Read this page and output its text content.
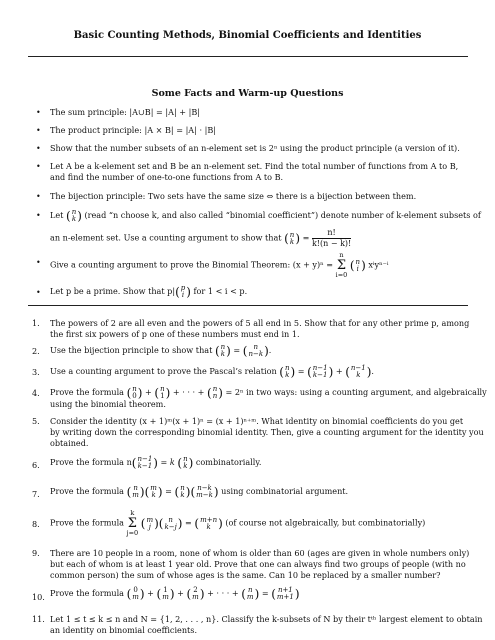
Basic Counting Methods, Binomial Coefficients and Identities
Some Facts and Warm-up Questions
• The sum principle: |A∪B| = |A| + |B|
• The product principle: |A × B| = |A| · |B|
• Show that the number subsets of an n-element set is 2ⁿ using the product principle (a version of it).
• Let A be a k-element set and B be an n-element set. Find the total number of functions from A to B,
and find the number of one-to-one functions from A to B.
• The bijection principle: Two sets have the same size ⇔ there is a bijection between them.
• Let ( n
k ) (read “n choose k, and also called “binomial coefficient”) denote number of k-element subsets of
an n-element set. Use a counting argument to show that ( n
k ) = $\frac{n!}{k!(n - k)!}$
• Give a counting argument to prove the Binomial Theorem: (x + y)ⁿ = n
Σ
i=0 ( n
i ) xⁱyⁿ⁻ⁱ
• Let p be a prime. Show that p|( p
i ) for 1 < i < p.
1. The powers of 2 are all even and the powers of 5 all end in 5. Show that for any other prime p, among
the first six powers of p one of these numbers must end in 1.
2. Use the bijection principle to show that ( n
k ) = ( n
n−k ).
3. Use a counting argument to prove the Pascal’s relation ( n
k ) = ( n−1
k−1 ) + ( n−1
k ).
4. Prove the formula ( n
0 ) + ( n
1 ) + · · · + ( n
n ) = 2ⁿ in two ways: using a counting argument, and algebraically
using the binomial theorem.
5. Consider the identity (x + 1)ᵐ(x + 1)ⁿ = (x + 1)ⁿ⁺ᵐ. What identity on binomial coefficients do you get
by writing down the corresponding binomial identity. Then, give a counting argument for the identity you
obtained.
6. Prove the formula n( n−1
k−1 ) = k ( n
k ) combinatorially.
7. Prove the formula ( n
m )( m
k ) = ( n
k )( n−k
m−k ) using combinatorial argument.
8. Prove the formula k
Σ
j=0 ( m
j )( n
k−j ) = ( m+n
k ) (of course not algebraically, but combinatorially)
9. There are 10 people in a room, none of whom is older than 60 (ages are given in whole numbers only)
but each of whom is at least 1 year old. Prove that one can always find two groups of people (with no
common person) the sum of whose ages is the same. Can 10 be replaced by a smaller number?
10. Prove the formula ( 0
m ) + ( 1
m ) + ( 2
m ) + · · · + ( n
m ) = ( n+1
m+1 )
11. Let 1 ≤ t ≤ k ≤ n and N = {1, 2, . . . , n}. Classify the k-subsets of N by their tᵗʰ largest element to obtain
an identity on binomial coefficients.
